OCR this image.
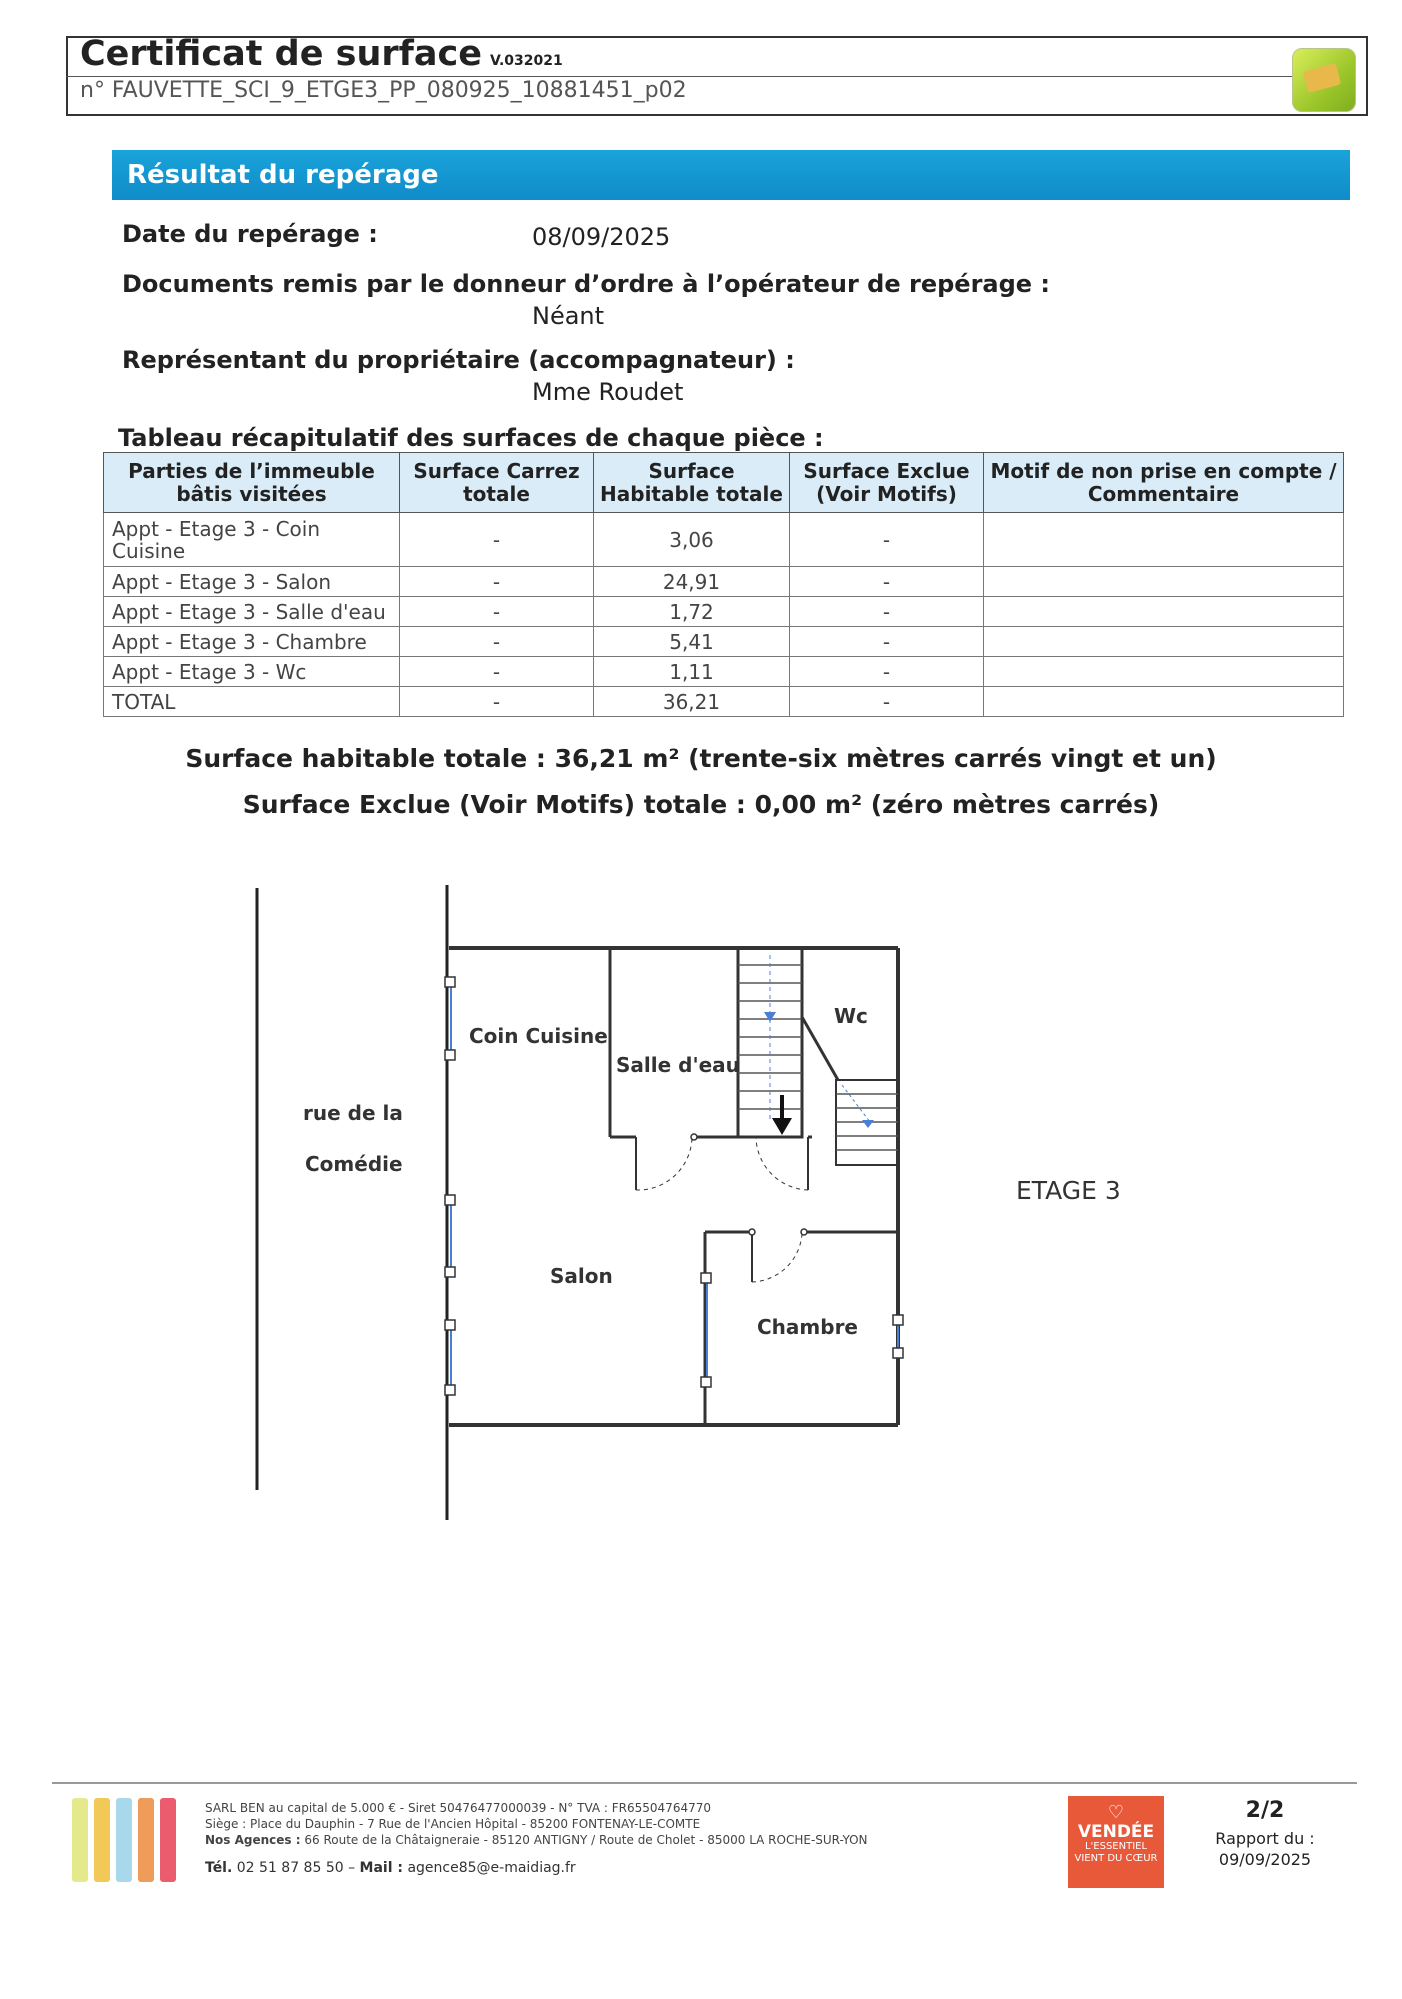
Certificat de surface V.032021
n° FAUVETTE_SCI_9_ETGE3_PP_080925_10881451_p02
Résultat du repérage
Date du repérage :	08/09/2025
Documents remis par le donneur d’ordre à l’opérateur de repérage :
Néant
Représentant du propriétaire (accompagnateur) :
Mme Roudet
Tableau récapitulatif des surfaces de chaque pièce :
Parties de l’immeuble bâtis visitées	Surface Carrez totale	Surface Habitable totale	Surface Exclue (Voir Motifs)	Motif de non prise en compte / Commentaire
Appt - Etage 3 - Coin Cuisine	-	3,06	-	
Appt - Etage 3 - Salon	-	24,91	-	
Appt - Etage 3 - Salle d'eau	-	1,72	-	
Appt - Etage 3 - Chambre	-	5,41	-	
Appt - Etage 3 - Wc	-	1,11	-	
TOTAL	-	36,21	-	
Surface habitable totale : 36,21 m² (trente-six mètres carrés vingt et un)
Surface Exclue (Voir Motifs) totale : 0,00 m² (zéro mètres carrés)
rue de la
Comédie
Coin Cuisine
Salle d'eau
Wc
Salon
Chambre
ETAGE 3
SARL BEN au capital de 5.000 € - Siret 50476477000039 - N° TVA : FR65504764770
Siège : Place du Dauphin - 7 Rue de l'Ancien Hôpital - 85200 FONTENAY-LE-COMTE
Nos Agences : 66 Route de la Châtaigneraie - 85120 ANTIGNY / Route de Cholet - 85000 LA ROCHE-SUR-YON
Tél. 02 51 87 85 50 – Mail : agence85@e-maidiag.fr
♡
VENDÉE
L'ESSENTIEL
VIENT DU CŒUR
2/2
Rapport du :
09/09/2025
